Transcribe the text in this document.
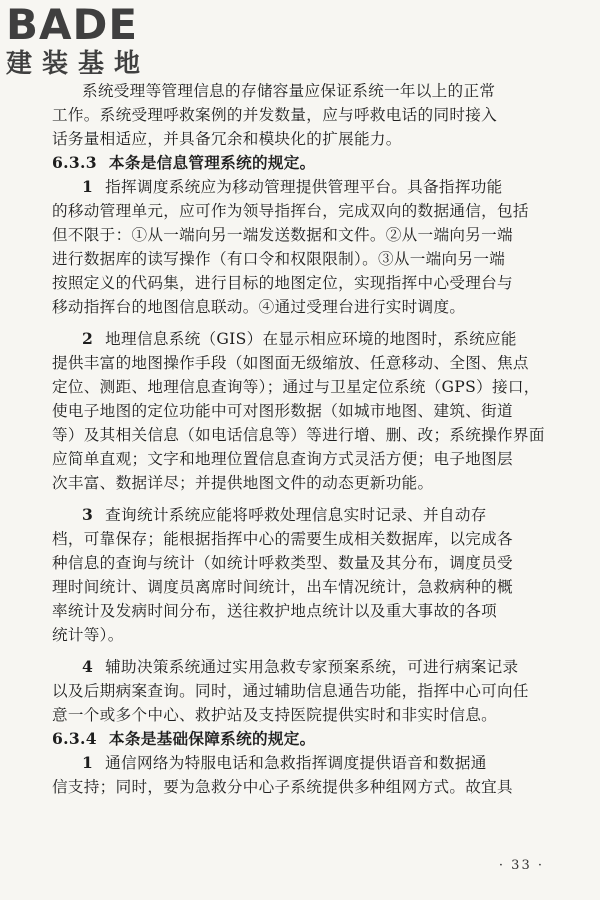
BADE
建装基地
系统受理等管理信息的存储容量应保证系统一年以上的正常
工作。系统受理呼救案例的并发数量，应与呼救电话的同时接入
话务量相适应，并具备冗余和模块化的扩展能力。
6.3.3 本条是信息管理系统的规定。
1 指挥调度系统应为移动管理提供管理平台。具备指挥功能
的移动管理单元，应可作为领导指挥台，完成双向的数据通信，包括
但不限于：①从一端向另一端发送数据和文件。②从一端向另一端
进行数据库的读写操作（有口令和权限限制）。③从一端向另一端
按照定义的代码集，进行目标的地图定位，实现指挥中心受理台与
移动指挥台的地图信息联动。④通过受理台进行实时调度。
2 地理信息系统（GIS）在显示相应环境的地图时，系统应能
提供丰富的地图操作手段（如图面无级缩放、任意移动、全图、焦点
定位、测距、地理信息查询等）；通过与卫星定位系统（GPS）接口，
使电子地图的定位功能中可对图形数据（如城市地图、建筑、街道
等）及其相关信息（如电话信息等）等进行增、删、改；系统操作界面
应简单直观；文字和地理位置信息查询方式灵活方便；电子地图层
次丰富、数据详尽；并提供地图文件的动态更新功能。
3 查询统计系统应能将呼救处理信息实时记录、并自动存
档，可靠保存；能根据指挥中心的需要生成相关数据库，以完成各
种信息的查询与统计（如统计呼救类型、数量及其分布，调度员受
理时间统计、调度员离席时间统计，出车情况统计，急救病种的概
率统计及发病时间分布，送往救护地点统计以及重大事故的各项
统计等）。
4 辅助决策系统通过实用急救专家预案系统，可进行病案记录
以及后期病案查询。同时，通过辅助信息通告功能，指挥中心可向任
意一个或多个中心、救护站及支持医院提供实时和非实时信息。
6.3.4 本条是基础保障系统的规定。
1 通信网络为特服电话和急救指挥调度提供语音和数据通
信支持；同时，要为急救分中心子系统提供多种组网方式。故宜具
· 33 ·
